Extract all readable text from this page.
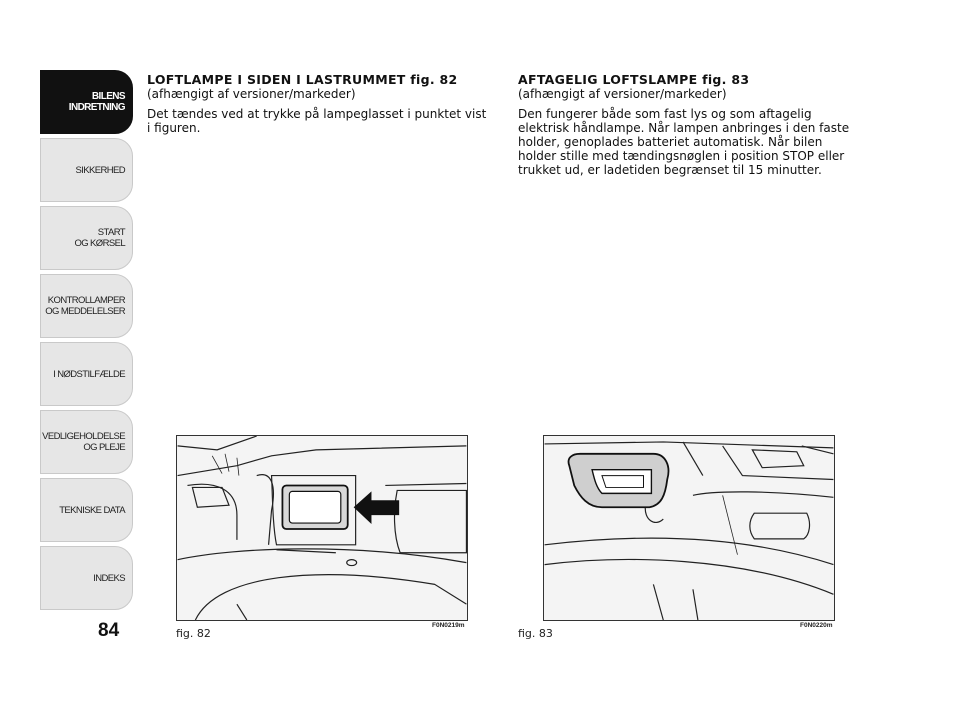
BILENS
INDRETNING
SIKKERHED
START
OG KØRSEL
KONTROLLAMPER
OG MEDDELELSER
I NØDSTILFÆLDE
VEDLIGEHOLDELSE
OG PLEJE
TEKNISKE DATA
INDEKS
84

LOFTLAMPE I SIDEN I LASTRUMMET fig. 82

(afhængigt af versioner/markeder)

Det tændes ved at trykke på lampeglasset i punktet vist i figuren.

AFTAGELIG LOFTSLAMPE fig. 83

(afhængigt af versioner/markeder)

Den fungerer både som fast lys og som aftagelig elektrisk håndlampe. Når lampen anbringes i den faste holder, genoplades batteriet automatisk. Når bilen holder stille med tændingsnøglen i position STOP eller trukket ud, er ladetiden begrænset til 15 minutter.

fig. 82
F0N0219m
fig. 83
F0N0220m
